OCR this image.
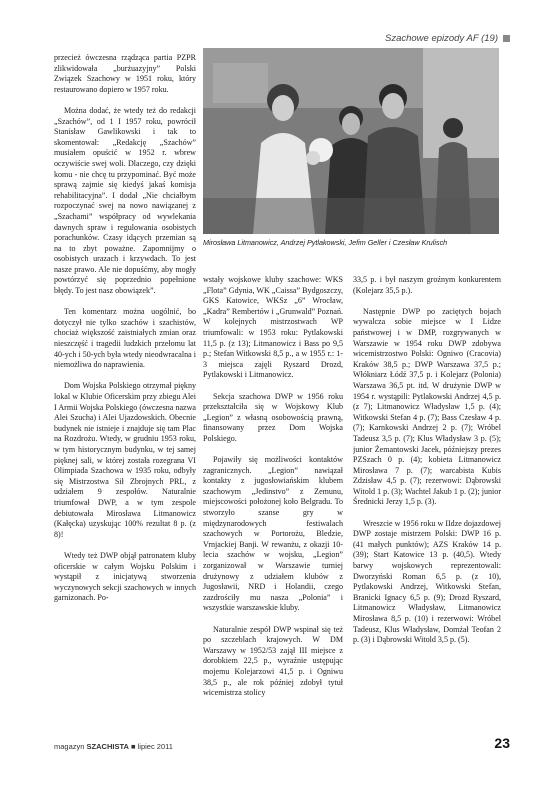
Szachowe epizody AF (19)
Mirosława Litmanowicz, Andrzej Pytlakowski, Jefim Geller i Czesław Krulisch

przecież ówczesna rządząca partia PZPR zlikwidowała „burżuazyjny” Polski Związek Szachowy w 1951 roku, który restaurowano dopiero w 1957 roku.

Można dodać, że wtedy też do redakcji „Szachów”, od 1 I 1957 roku, powrócił Stanisław Gawlikowski i tak to skomentował: „Redakcję „Szachów” musiałem opuścić w 1952 r. wbrew oczywiście swej woli. Dlaczego, czy dzięki komu - nie chcę tu przypominać. Być może sprawą zajmie się kiedyś jakaś komisja rehabilitacyjna”. I dodał „Nie chciałbym rozpoczynać swej na nowo nawiązanej z „Szachami” współpracy od wywlekania dawnych spraw i regulowania osobistych porachunków. Czasy idących przemian są na to zbyt poważne. Zapomnijmy o osobistych urazach i krzywdach. To jest nasze prawo. Ale nie dopuśćmy, aby mogły powtórzyć się poprzednio popełnione błędy. To jest nasz obowiązek”.

Ten komentarz można uogólnić, bo dotyczył nie tylko szachów i szachistów, chociaż większość zaistniałych zmian oraz nieszczęść i tragedii ludzkich przełomu lat 40-ych i 50-ych była wtedy nieodwracalna i niemożliwa do naprawienia.

Dom Wojska Polskiego otrzymał piękny lokal w Klubie Oficerskim przy zbiegu Alei I Armii Wojska Polskiego (ówczesna nazwa Alei Szucha) i Alei Ujazdowskich. Obecnie budynek nie istnieje i znajduje się tam Plac na Rozdrożu. Wtedy, w grudniu 1953 roku, w tym historycznym budynku, w tej samej pięknej sali, w której została rozegrana VI Olimpiada Szachowa w 1935 roku, odbyły się Mistrzostwa Sił Zbrojnych PRL, z udziałem 9 zespołów. Naturalnie triumfował DWP, a w tym zespole debiutowała Mirosława Litmanowicz (Kałęcka) uzyskując 100% rezultat 8 p. (z 8)!

Wtedy też DWP objął patronatem kluby oficerskie w całym Wojsku Polskim i wystąpił z inicjatywą stworzenia wyczynowych sekcji szachowych w innych garnizonach. Po-

wstały wojskowe kluby szachowe: WKS „Flota” Gdynia, WK „Caissa” Bydgoszczy, GKS Katowice, WKSz „6” Wrocław, „Kadra” Rembertów i „Grunwald” Poznań. W kolejnych mistrzostwach WP triumfowali: w 1953 roku: Pytlakowski 11,5 p. (z 13); Litmanowicz i Bass po 9,5 p.; Stefan Witkowski 8,5 p., a w 1955 r.: 1-3 miejsca zajęli Ryszard Drozd, Pytlakowski i Litmanowicz.

Sekcja szachowa DWP w 1956 roku przekształciła się w Wojskowy Klub „Legion” z własną osobowością prawną, finansowany przez Dom Wojska Polskiego.

Pojawiły się możliwości kontaktów zagranicznych. „Legion” nawiązał kontakty z jugosłowiańskim klubem szachowym „Jedinstvo” z Zemunu, miejscowości położonej koło Belgradu. To stworzyło szanse gry w międzynarodowych festiwalach szachowych w Portorożu, Bledzie, Vrnjackiej Banji. W rewanżu, z okazji 10-lecia szachów w wojsku, „Legion” zorganizował w Warszawie turniej drużynowy z udziałem klubów z Jugosławii, NRD i Holandii, czego zazdrościły mu nasza „Polonia” i wszystkie warszawskie kluby.

Naturalnie zespół DWP wspinał się też po szczeblach krajowych. W DM Warszawy w 1952/53 zajął III miejsce z dorobkiem 22,5 p., wyraźnie ustępując mojemu Kolejarzowi 41,5 p. i Ogniwu 38,5 p., ale rok później zdobył tytuł wicemistrza stolicy

33,5 p. i był naszym groźnym konkurentem (Kolejarz 35,5 p.).

Następnie DWP po zaciętych bojach wywalcza sobie miejsce w I Lidze państwowej i w DMP, rozgrywanych w Warszawie w 1954 roku DWP zdobywa wicemistrzostwo Polski: Ogniwo (Cracovia) Kraków 38,5 p.; DWP Warszawa 37,5 p.; Włókniarz Łódź 37,5 p. i Kolejarz (Polonia) Warszawa 36,5 pt. itd. W drużynie DWP w 1954 r. wystąpili: Pytlakowski Andrzej 4,5 p. (z 7); Litmanowicz Władysław 1,5 p. (4); Witkowski Stefan 4 p. (7); Bass Czesław 4 p. (7); Karnkowski Andrzej 2 p. (7); Wróbel Tadeusz 3,5 p. (7); Klus Władysław 3 p. (5); junior Żemantowski Jacek, późniejszy prezes PZSzach 0 p. (4); kobieta Litmanowicz Mirosława 7 p. (7); warcabista Kubis Zdzisław 4,5 p. (7); rezerwowi: Dąbrowski Witold 1 p. (3); Wachtel Jakub 1 p. (2); junior Średnicki Jerzy 1,5 p. (3).

Wreszcie w 1956 roku w IIdze dojazdowej DWP zostaje mistrzem Polski: DWP 16 p. (41 małych punktów); AZS Kraków 14 p. (39); Start Katowice 13 p. (40,5). Wtedy barwy wojskowych reprezentowali: Dworzyński Roman 6,5 p. (z 10), Pytlakowski Andrzej, Witkowski Stefan, Branicki Ignacy 6,5 p. (9); Drozd Ryszard, Litmanowicz Władysław, Litmanowicz Mirosława 8,5 p. (10) i rezerwowi: Wróbel Tadeusz, Klus Władysław, Domżał Teofan 2 p. (3) i Dąbrowski Witold 3,5 p. (5).

magazyn SZACHISTA ■ lipiec 2011	23
